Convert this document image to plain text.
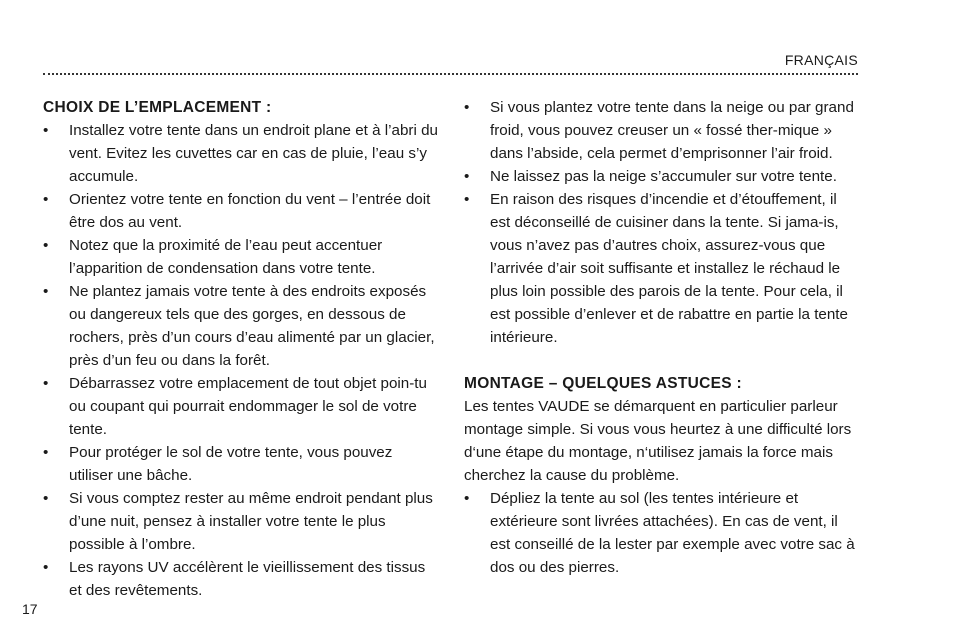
FRANÇAIS
CHOIX DE L’EMPLACEMENT :
• Installez votre tente dans un endroit plane et à l’abri du vent. Evitez les cuvettes car en cas de pluie, l’eau s’y accumule.
• Orientez votre tente en fonction du vent – l’entrée doit être dos au vent.
• Notez que la proximité de l’eau peut accentuer l’apparition de condensation dans votre tente.
• Ne plantez jamais votre tente à des endroits exposés ou dangereux tels que des gorges, en dessous de rochers, près d’un cours d’eau alimenté par un glacier, près d’un feu ou dans la forêt.
• Débarrassez votre emplacement de tout objet poin-tu ou coupant qui pourrait endommager le sol de votre tente.
• Pour protéger le sol de votre tente, vous pouvez utiliser une bâche.
• Si vous comptez rester au même endroit pendant plus d’une nuit, pensez à installer votre tente le plus possible à l’ombre.
• Les rayons UV accélèrent le vieillissement des tissus et des revêtements.
• Si vous plantez votre tente dans la neige ou par grand froid, vous pouvez creuser un « fossé ther-mique » dans l’abside, cela permet d’emprisonner l’air froid.
• Ne laissez pas la neige s’accumuler sur votre tente.
• En raison des risques d’incendie et d’étouffement, il est déconseillé de cuisiner dans la tente. Si jama-is, vous n’avez pas d’autres choix, assurez-vous que l’arrivée d’air soit suffisante et installez le réchaud le plus loin possible des parois de la tente. Pour cela, il est possible d’enlever et de rabattre en partie la tente intérieure.
MONTAGE – QUELQUES ASTUCES :

Les tentes VAUDE se démarquent en particulier parleur montage simple. Si vous vous heurtez à une difficulté lors d‘une étape du montage, n‘utilisez jamais la force mais cherchez la cause du problème.

• Dépliez la tente au sol (les tentes intérieure et extérieure sont livrées attachées). En cas de vent, il est conseillé de la lester par exemple avec votre sac à dos ou des pierres.
17
